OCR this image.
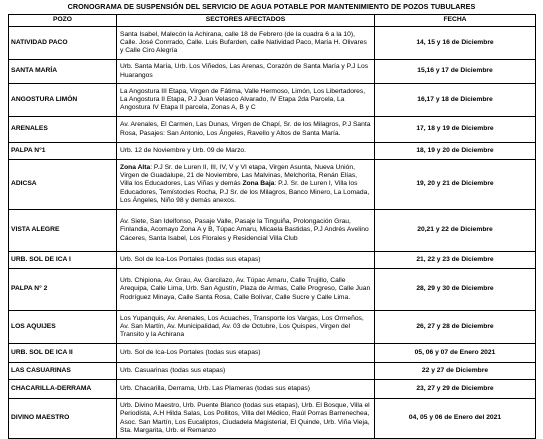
CRONOGRAMA DE SUSPENSIÓN DEL SERVICIO DE AGUA POTABLE POR MANTENIMIENTO DE POZOS TUBULARES
POZO	SECTORES AFECTADOS	FECHA
NATIVIDAD PACO	Santa Isabel, Malecón la Achirana, calle 18 de Febrero (de la cuadra 6 a la 10), Calle. José Conrrado, Calle. Luis Bufarden, calle Natividad Paco, María H. Olivares y Calle Ciro Alegría	14, 15 y 16 de Diciembre
SANTA MARÍA	Urb. Santa María, Urb. Los Viñedos, Las Arenas, Corazón de Santa María y P.J Los Huarangos	15,16 y 17 de Diciembre
ANGOSTURA LIMÓN	La Angostura III Etapa, Virgen de Fátima, Valle Hermoso, Limón, Los Libertadores, La Angostura II Etapa, P.J Juan Velasco Alvarado, IV Etapa 2da Parcela, La Angostura IV Etapa II parcela, Zonas A, B y C	16,17 y 18 de Diciembre
ARENALES	Av. Arenales, El Carmen, Las Dunas, Virgen de Chapí, Sr. de los Milagros, P.J Santa Rosa, Pasajes: San Antonio, Los Ángeles, Ravello y Altos de Santa María.	17, 18 y 19 de Diciembre
PALPA N°1	Urb. 12 de Noviembre y Urb. 09 de Marzo.	18, 19 y 20 de Diciembre
ADICSA	Zona Alta: P.J Sr. de Luren II, III, IV, V y VI etapa, Virgen Asunta, Nueva Unión, Virgen de Guadalupe, 21 de Noviembre, Las Malvinas, Melchorita, Renán Elías, Villa los Educadores, Las Viñas y demás Zona Baja: P.J. Sr. de Luren I, Villa los Educadores, Temístocles Rocha, P.J Sr. de los Milagros, Banco Minero, La Lomada, Los Ángeles, Niño 98 y demás anexos.	19, 20 y 21 de Diciembre
VISTA ALEGRE	Av. Siete, San Idelfonso, Pasaje Valle, Pasaje la Tinguiña, Prolongación Grau, Finlandia, Acomayo Zona A y B, Túpac Amaru, Micaela Bastidas, P.J Andrés Avelino Cáceres, Santa Isabel, Los Florales y Residencial Villa Club	20,21 y 22 de Diciembre
URB. SOL DE ICA I	Urb. Sol de Ica-Los Portales (todas sus etapas)	21, 22 y 23 de Diciembre
PALPA N° 2	Urb. Chipiona, Av. Grau, Av. Garcilazo, Av. Túpac Amaru, Calle Trujillo, Calle Arequipa, Calle Lima, Urb. San Agustín, Plaza de Armas, Calle Progreso, Calle Juan Rodríguez Minaya, Calle Santa Rosa, Calle Bolívar, Calle Sucre y Calle Lima.	28, 29 y 30 de Diciembre
LOS AQUIJES	Los Yupanquis, Av. Arenales, Los Acuaches, Transporte los Vargas, Los Ormeños, Av. San Martín, Av. Municipalidad, Av. 03 de Octubre, Los Quispes, Virgen del Transito y la Achirana	26, 27 y 28 de Diciembre
URB. SOL DE ICA II	Urb. Sol de Ica-Los Portales (todas sus etapas)	05, 06 y 07 de Enero 2021
LAS CASUARINAS	Urb. Casuarinas (todas sus etapas)	22 y 27 de Diciembre
CHACARILLA-DERRAMA	Urb. Chacarilla, Derrama, Urb. Las Plameras (todas sus etapas)	23, 27 y 29 de Diciembre
DIVINO MAESTRO	Urb. Divino Maestro, Urb. Puente Blanco (todas sus etapas), Urb. El Bosque, Villa el Periodista, A.H Hilda Salas, Los Pollitos, Villa del Médico, Raúl Porras Barrenechea, Asoc. San Martín, Los Eucaliptos, Ciudadela Magisterial, El Quinde, Urb. Viña Vieja, Sta. Margarita, Urb. el Remanzo	04, 05 y 06 de Enero del 2021
